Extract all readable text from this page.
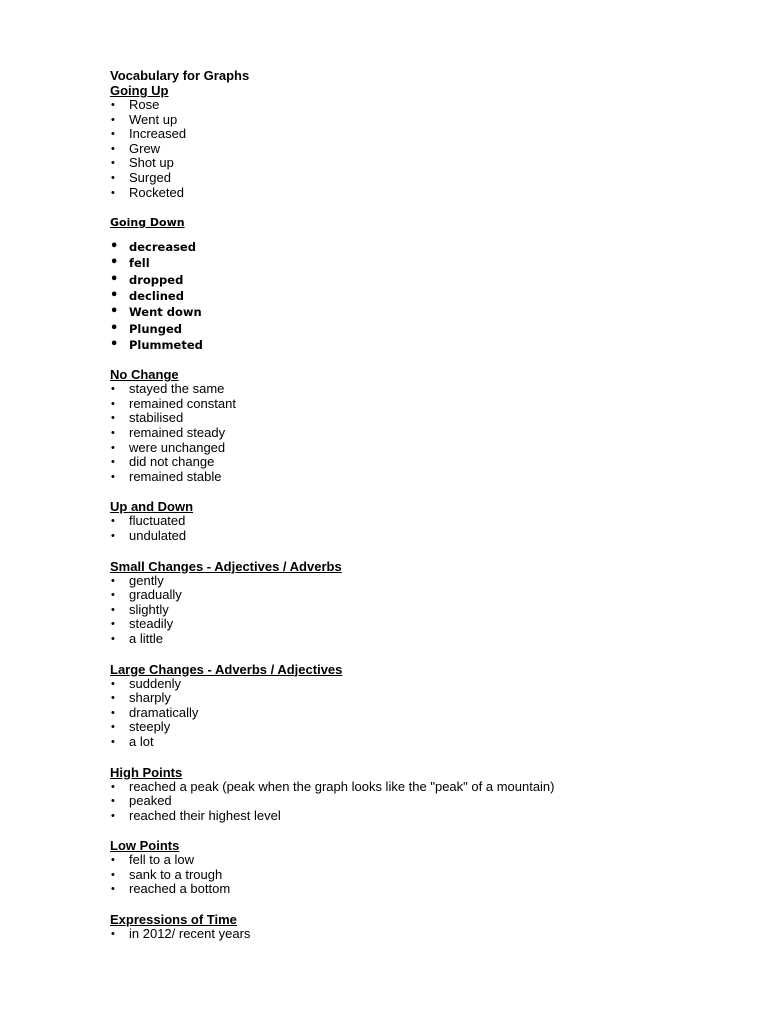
Vocabulary for Graphs
Going Up
• Rose
• Went up
• Increased
• Grew
• Shot up
• Surged
• Rocketed
Going Down
• decreased
• fell
• dropped
• declined
• Went down
• Plunged
• Plummeted
No Change
• stayed the same
• remained constant
• stabilised
• remained steady
• were unchanged
• did not change
• remained stable
Up and Down
• fluctuated
• undulated
Small Changes - Adjectives / Adverbs
• gently
• gradually
• slightly
• steadily
• a little
Large Changes - Adverbs / Adjectives
• suddenly
• sharply
• dramatically
• steeply
• a lot
High Points
• reached a peak (peak when the graph looks like the "peak" of a mountain)
• peaked
• reached their highest level
Low Points
• fell to a low
• sank to a trough
• reached a bottom
Expressions of Time
• in 2012/ recent years
